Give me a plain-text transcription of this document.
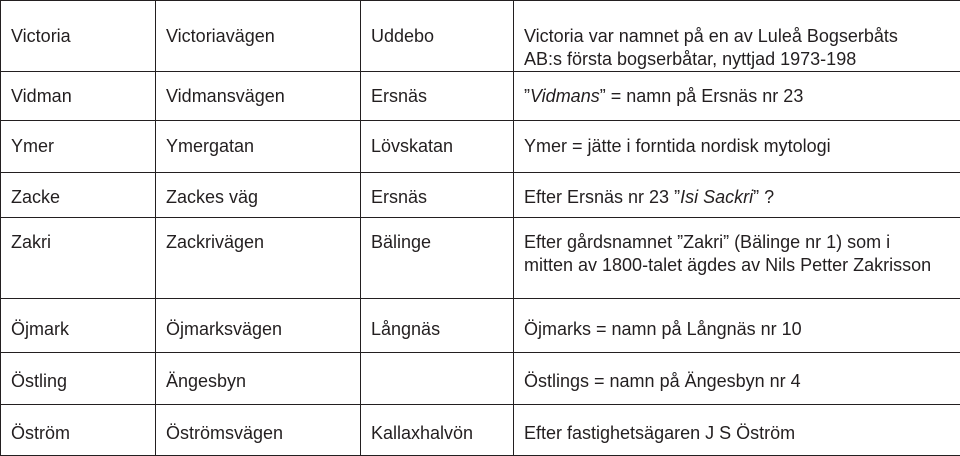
Victoria	Victoriavägen	Uddebo	Victoria var namnet på en av Luleå Bogserbåts
AB:s första bogserbåtar, nyttjad 1973-198

Vidman	Vidmansvägen	Ersnäs	”Vidmans” = namn på Ersnäs nr 23
Ymer	Ymergatan	Lövskatan	Ymer = jätte i forntida nordisk mytologi

Zacke	Zackes väg	Ersnäs	Efter Ersnäs nr 23 ”Isi Sackri” ?
Zakri	Zackrivägen	Bälinge	Efter gårdsnamnet ”Zakri” (Bälinge nr 1) som i
mitten av 1800-talet ägdes av Nils Petter Zakrisson

Öjmark	Öjmarksvägen	Långnäs	Öjmarks = namn på Långnäs nr 10

Östling	Ängesbyn		Östlings = namn på Ängesbyn nr 4

Öström	Öströmsvägen	Kallaxhalvön	Efter fastighetsägaren J S Öström
